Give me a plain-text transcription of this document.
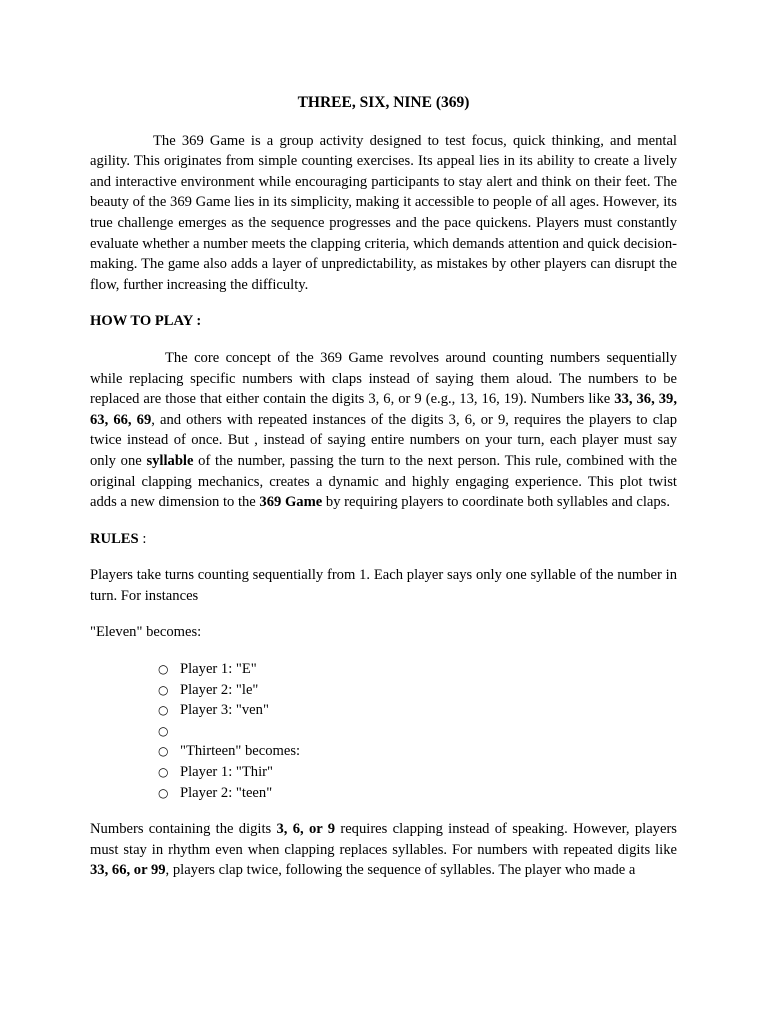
THREE, SIX, NINE (369)

The 369 Game is a group activity designed to test focus, quick thinking, and mental agility. This originates from simple counting exercises. Its appeal lies in its ability to create a lively and interactive environment while encouraging participants to stay alert and think on their feet. The beauty of the 369 Game lies in its simplicity, making it accessible to people of all ages. However, its true challenge emerges as the sequence progresses and the pace quickens. Players must constantly evaluate whether a number meets the clapping criteria, which demands attention and quick decision-making. The game also adds a layer of unpredictability, as mistakes by other players can disrupt the flow, further increasing the difficulty.

HOW TO PLAY :

The core concept of the 369 Game revolves around counting numbers sequentially while replacing specific numbers with claps instead of saying them aloud. The numbers to be replaced are those that either contain the digits 3, 6, or 9 (e.g., 13, 16, 19). Numbers like 33, 36, 39, 63, 66, 69, and others with repeated instances of the digits 3, 6, or 9, requires the players to clap twice instead of once. But , instead of saying entire numbers on your turn, each player must say only one syllable of the number, passing the turn to the next person. This rule, combined with the original clapping mechanics, creates a dynamic and highly engaging experience. This plot twist adds a new dimension to the 369 Game by requiring players to coordinate both syllables and claps.

RULES :

Players take turns counting sequentially from 1. Each player says only one syllable of the number in turn. For instances

"Eleven" becomes:

○ Player 1: "E"
○ Player 2: "le"
○ Player 3: "ven"
○
○ "Thirteen" becomes:
○ Player 1: "Thir"
○ Player 2: "teen"

Numbers containing the digits 3, 6, or 9 requires clapping instead of speaking. However, players must stay in rhythm even when clapping replaces syllables. For numbers with repeated digits like 33, 66, or 99, players clap twice, following the sequence of syllables. The player who made a
